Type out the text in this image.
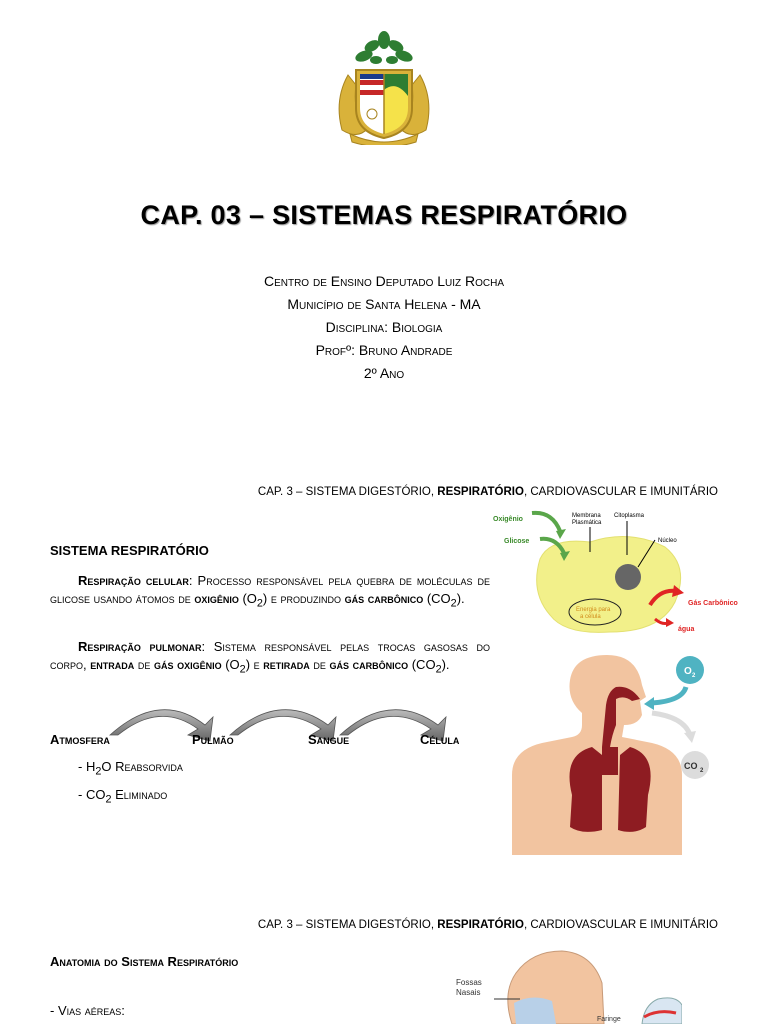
CAP. 03 – SISTEMAS RESPIRATÓRIO
Centro de Ensino Deputado Luiz Rocha
Município de Santa Helena - MA
Disciplina: Biologia
Profº: Bruno Andrade
2º Ano
CAP. 3 – SISTEMA DIGESTÓRIO, RESPIRATÓRIO, CARDIOVASCULAR E IMUNITÁRIO
SISTEMA RESPIRATÓRIO
Respiração celular: Processo responsável pela quebra de moléculas de glicose usando átomos de oxigênio $(O_2)$ e produzindo gás carbônico $(CO_2)$.
Respiração pulmonar: Sistema responsável pelas trocas gasosas do corpo, entrada de gás oxigênio $(O_2)$ e retirada de gás carbônico $(CO_2)$.
Atmosfera	Pulmão	Sangue	Célula
- $H_2O$ Reabsorvida
- $CO_2$ Eliminado
Membrana
Plasmática
Citoplasma
Núcleo
Oxigênio
Glicose
Energia para
a célula
Gás Carbônico
água
O 2
CO 2
CAP. 3 – SISTEMA DIGESTÓRIO, RESPIRATÓRIO, CARDIOVASCULAR E IMUNITÁRIO
Anatomia do Sistema Respiratório
- Vias aéreas:
Fossas
Nasais
Faringe
